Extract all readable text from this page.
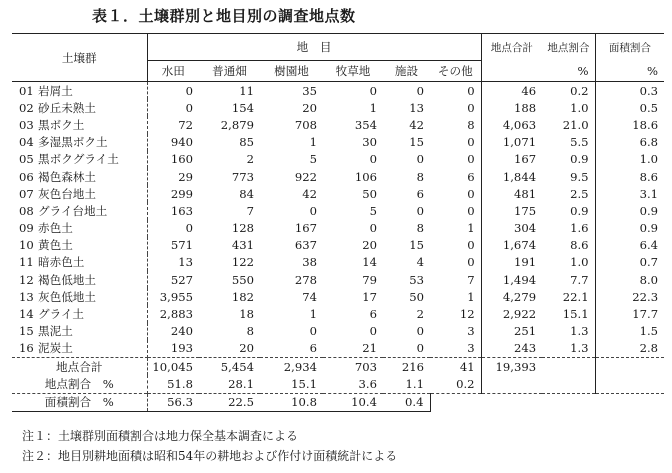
表１．土壌群別と地目別の調査地点数
土壌群	地　目						地点合計	地点割合	面積割合
	水田	普通畑	樹園地	牧草地	施設	その他		%	%
01 岩屑土	0	11	35	0	0	0	46	0.2	0.3
02 砂丘未熟土	0	154	20	1	13	0	188	1.0	0.5
03 黒ボク土	72	2,879	708	354	42	8	4,063	21.0	18.6
04 多湿黒ボク土	940	85	1	30	15	0	1,071	5.5	6.8
05 黒ボクグライ土	160	2	5	0	0	0	167	0.9	1.0
06 褐色森林土	29	773	922	106	8	6	1,844	9.5	8.6
07 灰色台地土	299	84	42	50	6	0	481	2.5	3.1
08 グライ台地土	163	7	0	5	0	0	175	0.9	0.9
09 赤色土	0	128	167	0	8	1	304	1.6	0.9
10 黄色土	571	431	637	20	15	0	1,674	8.6	6.4
11 暗赤色土	13	122	38	14	4	0	191	1.0	0.7
12 褐色低地土	527	550	278	79	53	7	1,494	7.7	8.0
13 灰色低地土	3,955	182	74	17	50	1	4,279	22.1	22.3
14 グライ土	2,883	18	1	6	2	12	2,922	15.1	17.7
15 黒泥土	240	8	0	0	0	3	251	1.3	1.5
16 泥炭土	193	20	6	21	0	3	243	1.3	2.8
地点合計	10,045	5,454	2,934	703	216	41	19,393		
地点割合　%	51.8	28.1	15.1	3.6	1.1	0.2			
面積割合　%	56.3	22.5	10.8	10.4	0.4				
注１：土壌群別面積割合は地力保全基本調査による
注２：地目別耕地面積は昭和54年の耕地および作付け面積統計による
